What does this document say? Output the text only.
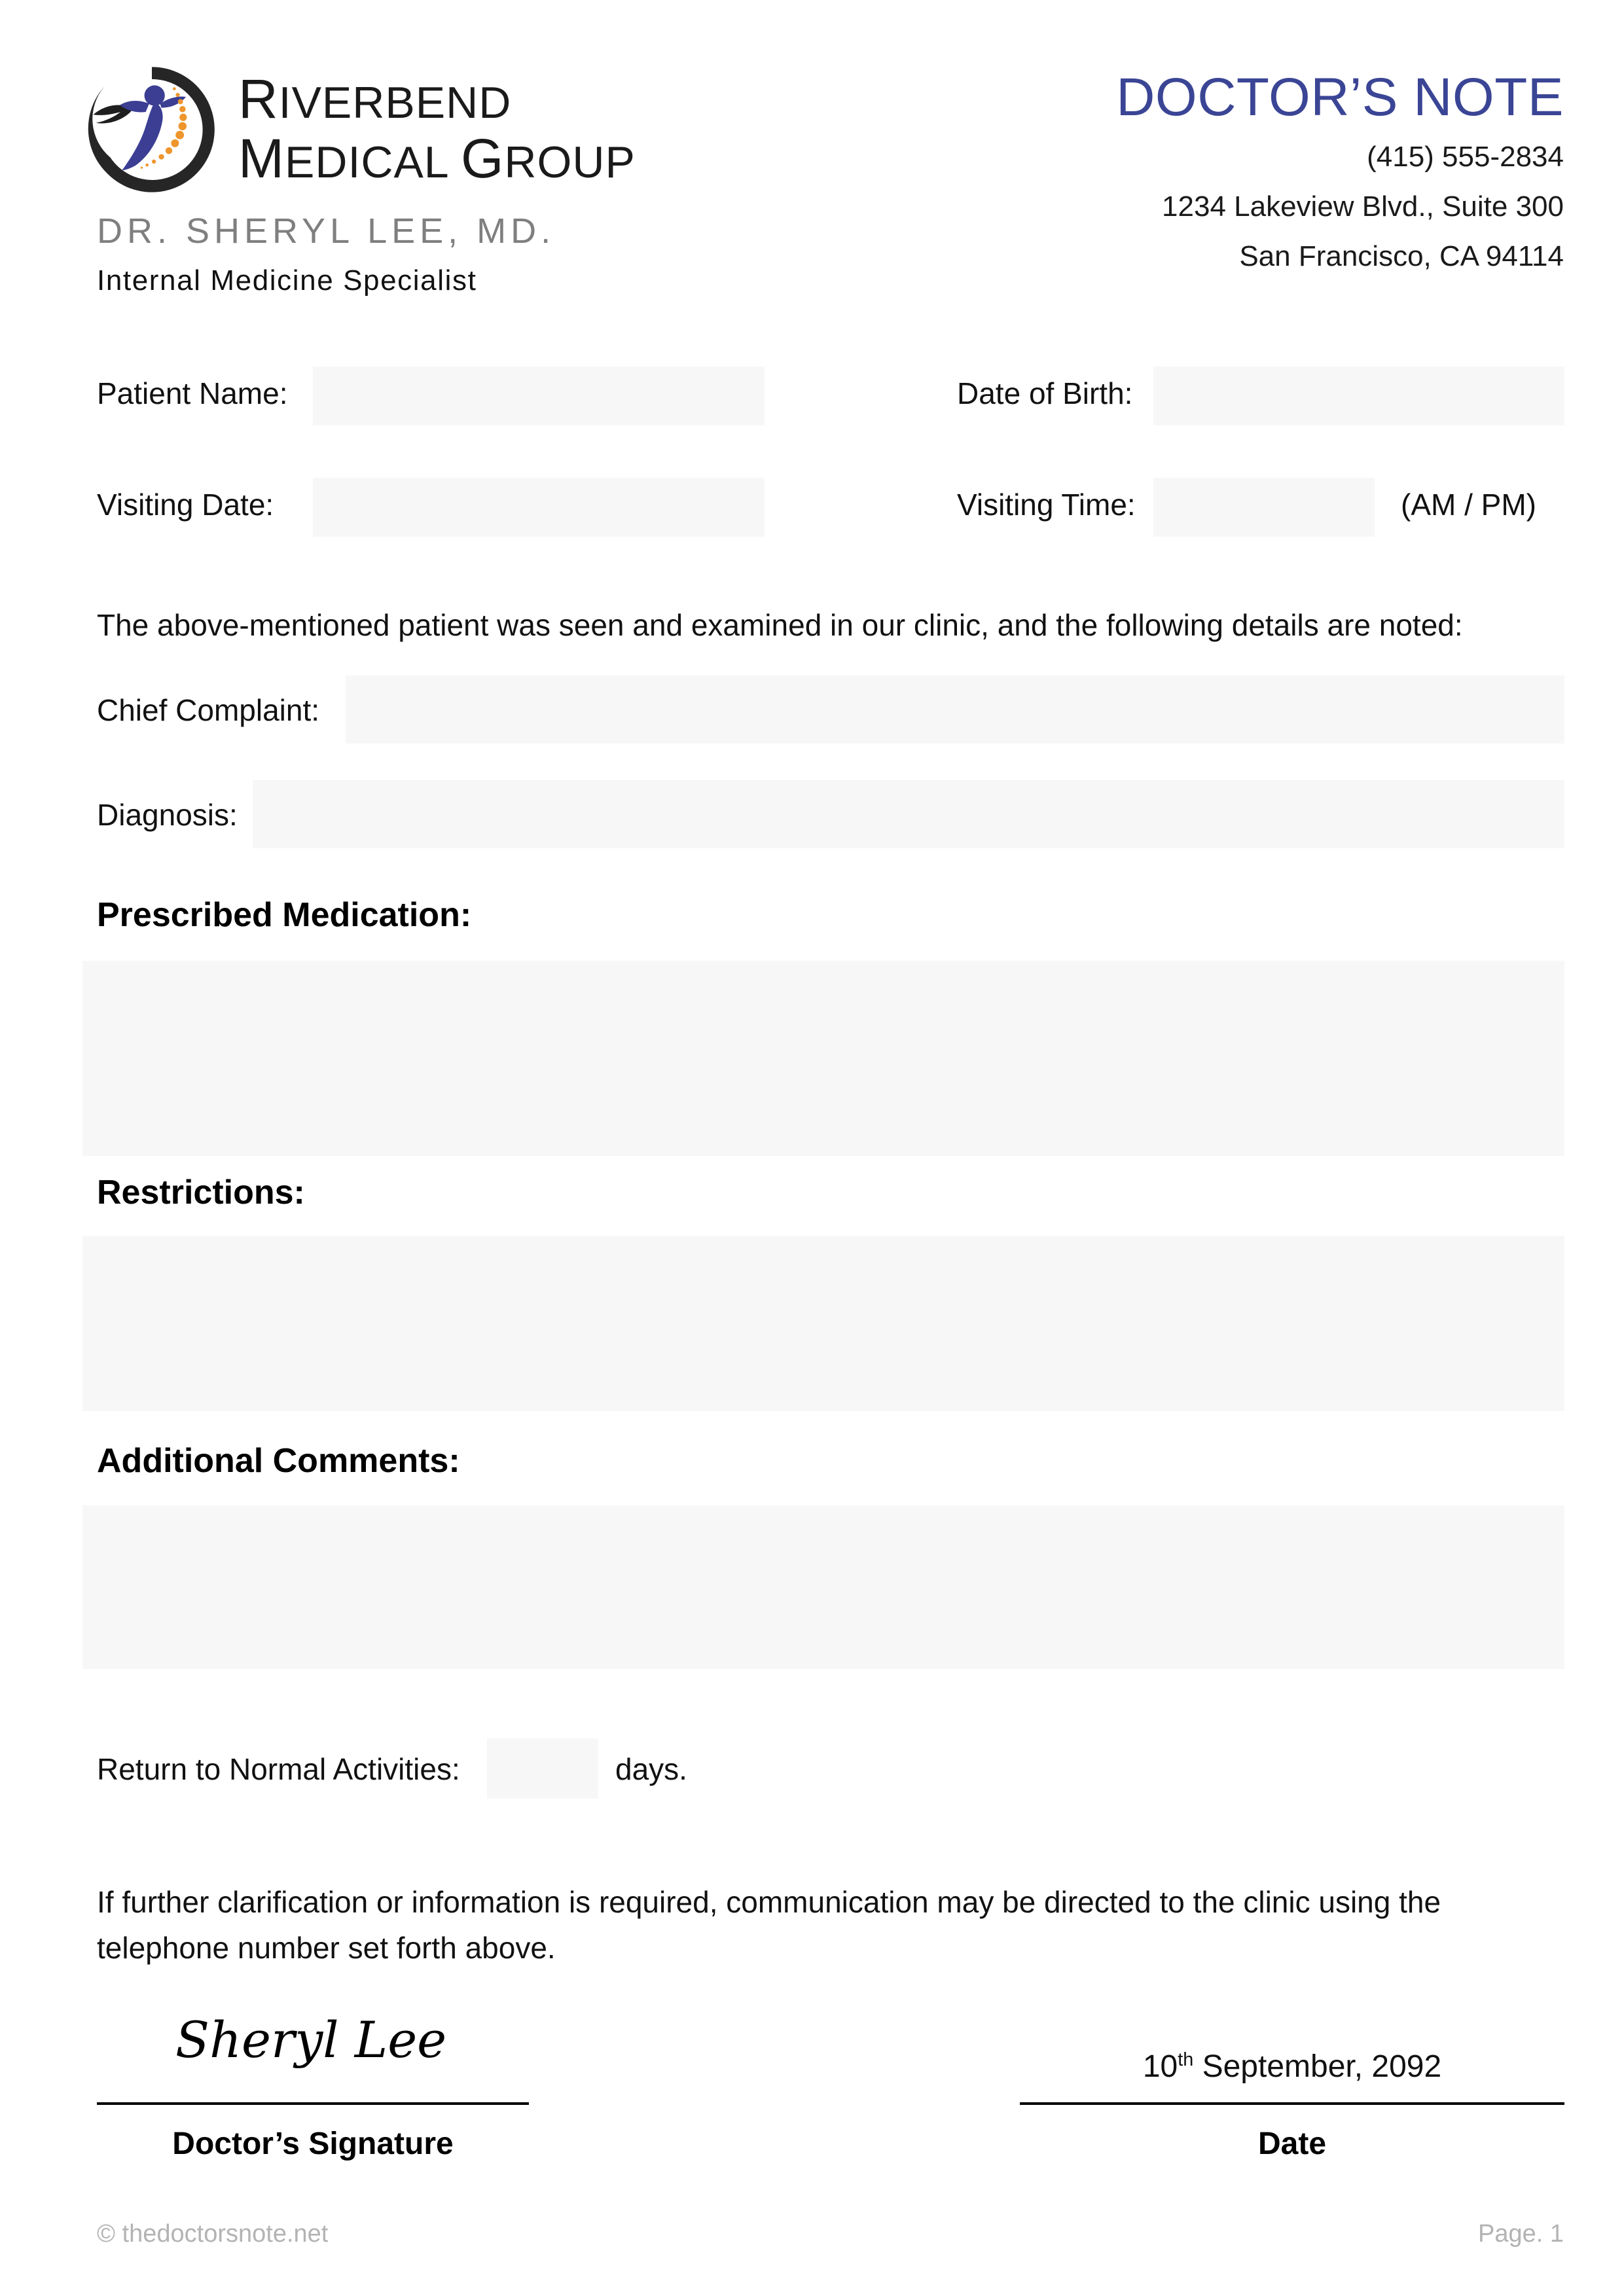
RIVERBEND
MEDICAL GROUP
DR. SHERYL LEE, MD.
Internal Medicine Specialist
DOCTOR’S NOTE
(415) 555-2834
1234 Lakeview Blvd., Suite 300
San Francisco, CA 94114
Patient Name:	Date of Birth:
Visiting Date:	Visiting Time:	(AM / PM)
The above-mentioned patient was seen and examined in our clinic, and the following details are noted:
Chief Complaint:
Diagnosis:
Prescribed Medication:
Restrictions:
Additional Comments:
Return to Normal Activities:	days.
If further clarification or information is required, communication may be directed to the clinic using the telephone number set forth above.
Sheryl Lee
Doctor’s Signature
10th September, 2092
Date
© thedoctorsnote.net	Page. 1
